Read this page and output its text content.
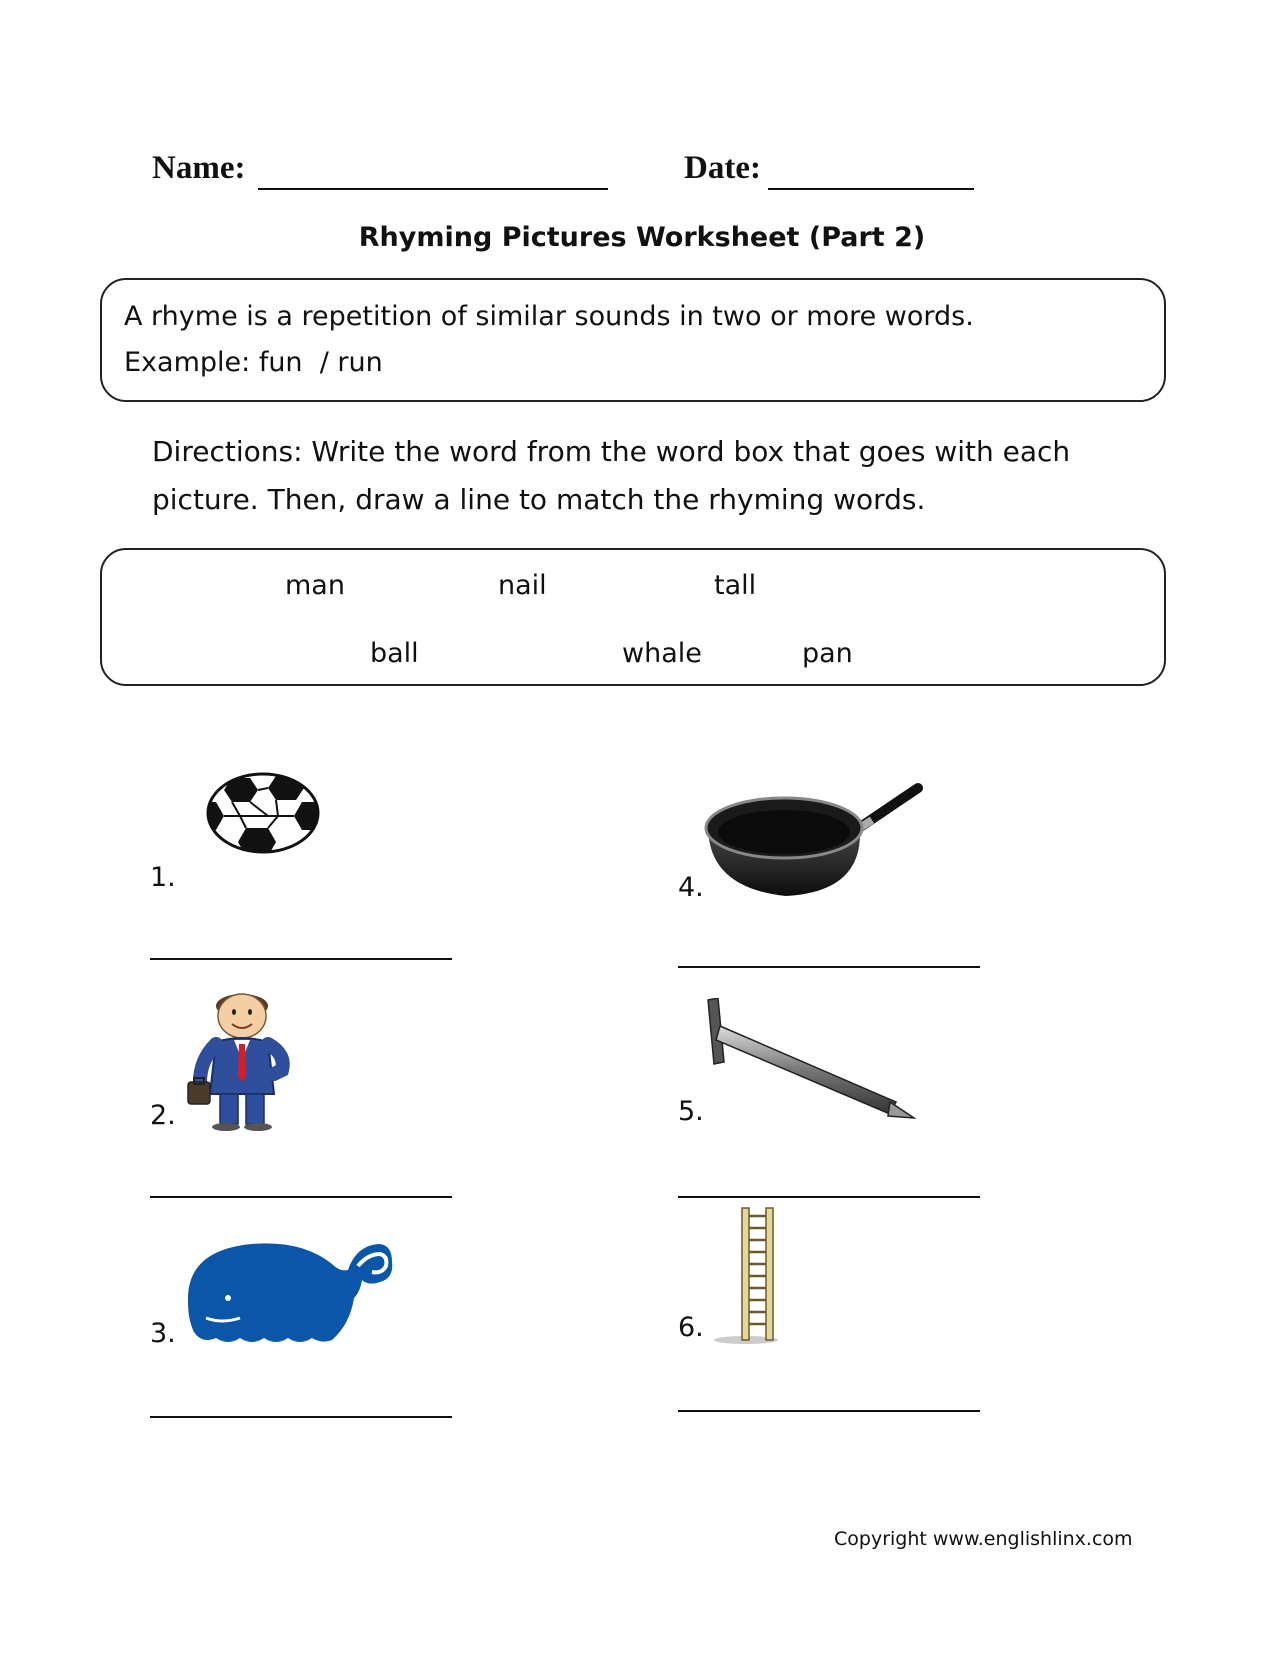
Name:	Date:
Rhyming Pictures Worksheet (Part 2)
A rhyme is a repetition of similar sounds in two or more words.
Example: fun  / run
Directions: Write the word from the word box that goes with each
picture. Then, draw a line to match the rhyming words.
man	nail	tall
ball	whale	pan
1.
2.
3.
4.
5.
6.
Copyright www.englishlinx.com
